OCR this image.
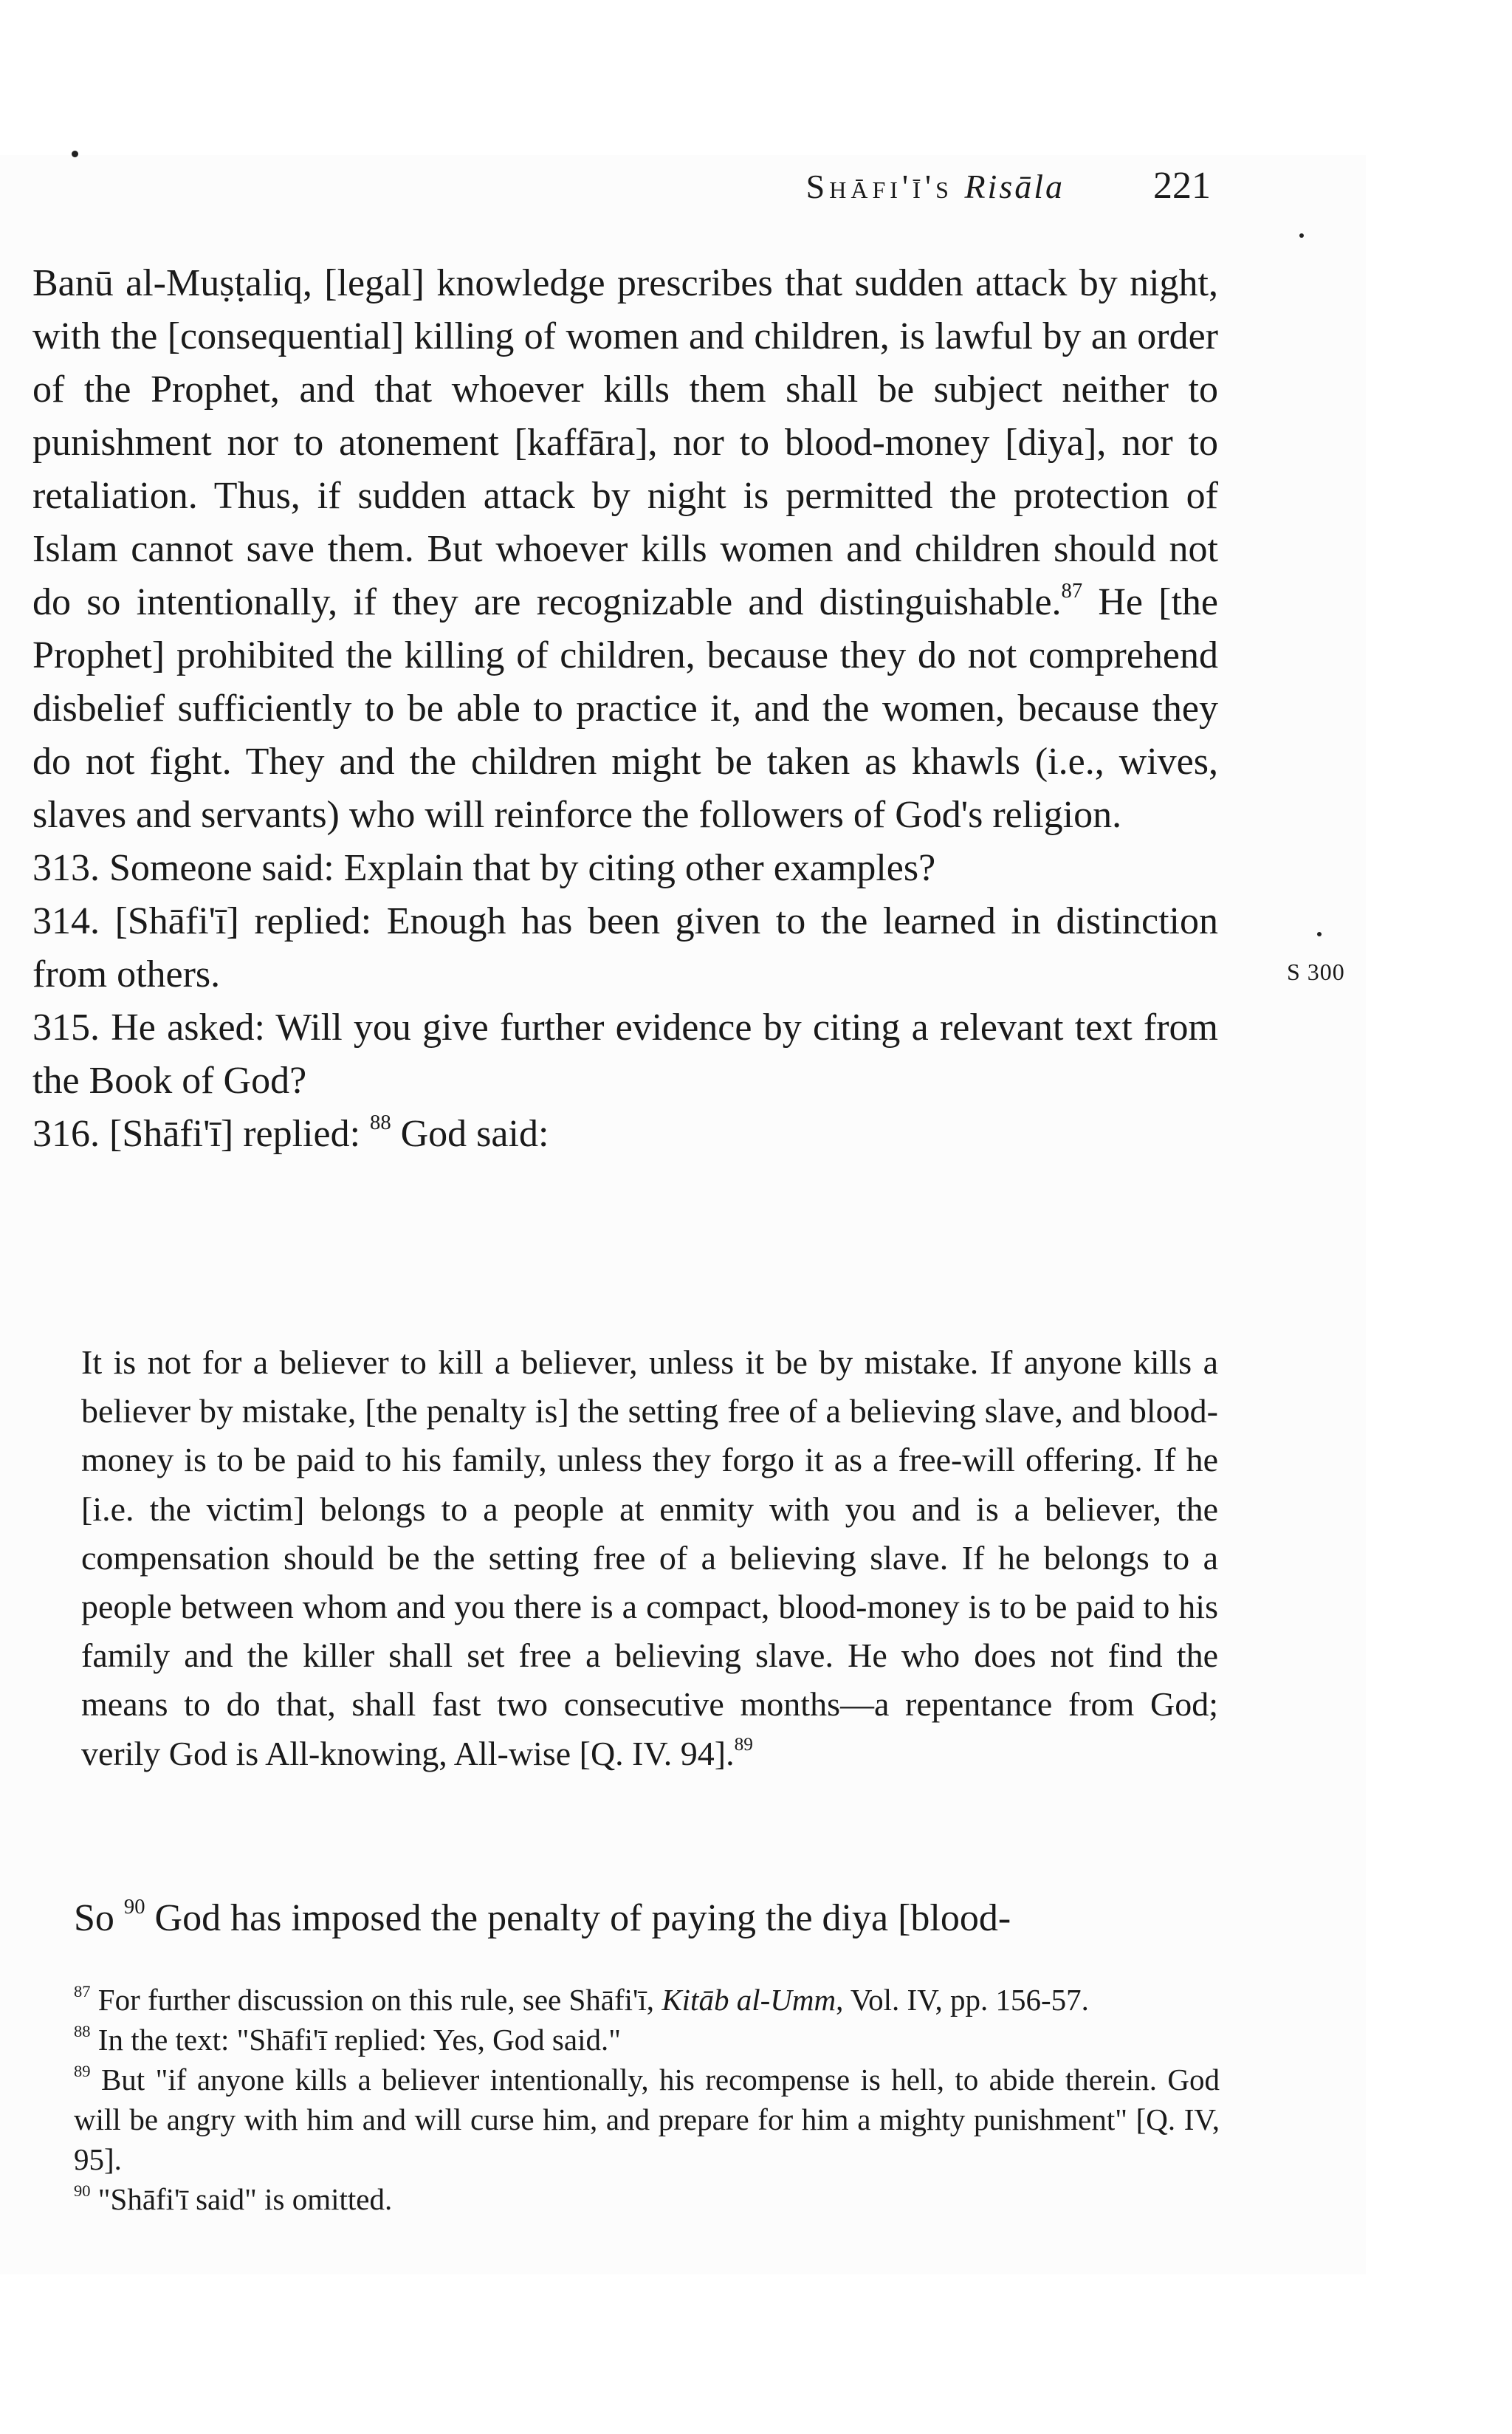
Shāfi'ī's Risāla 221
S 300

Banū al-Muṣṭaliq, [legal] knowledge prescribes that sudden attack by night, with the [consequential] killing of women and children, is lawful by an order of the Prophet, and that whoever kills them shall be subject neither to punishment nor to atonement [kaffāra], nor to blood-money [diya], nor to retaliation. Thus, if sudden attack by night is permitted the protection of Islam cannot save them. But whoever kills women and children should not do so intentionally, if they are recognizable and distinguishable.$^{87}$ He [the Prophet] prohibited the killing of children, because they do not comprehend disbelief sufficiently to be able to practice it, and the women, because they do not fight. They and the children might be taken as khawls (i.e., wives, slaves and servants) who will reinforce the followers of God's religion.

313. Someone said: Explain that by citing other examples?

314. [Shāfi'ī] replied: Enough has been given to the learned in distinction from others.

315. He asked: Will you give further evidence by citing a relevant text from the Book of God?

316. [Shāfi'ī] replied: $^{88}$ God said:

It is not for a believer to kill a believer, unless it be by mistake. If anyone kills a believer by mistake, [the penalty is] the setting free of a believing slave, and blood-money is to be paid to his family, unless they forgo it as a free-will offering. If he [i.e. the victim] belongs to a people at enmity with you and is a believer, the compensation should be the setting free of a believing slave. If he belongs to a people between whom and you there is a compact, blood-money is to be paid to his family and the killer shall set free a believing slave. He who does not find the means to do that, shall fast two consecutive months—a repentance from God; verily God is All-knowing, All-wise [Q. IV. 94].$^{89}$
So $^{90}$ God has imposed the penalty of paying the diya [blood-

$^{87}$ For further discussion on this rule, see Shāfi'ī, Kitāb al-Umm, Vol. IV, pp. 156-57.

$^{88}$ In the text: "Shāfi'ī replied: Yes, God said."

$^{89}$ But "if anyone kills a believer intentionally, his recompense is hell, to abide therein. God will be angry with him and will curse him, and prepare for him a mighty punishment" [Q. IV, 95].

$^{90}$ "Shāfi'ī said" is omitted.
